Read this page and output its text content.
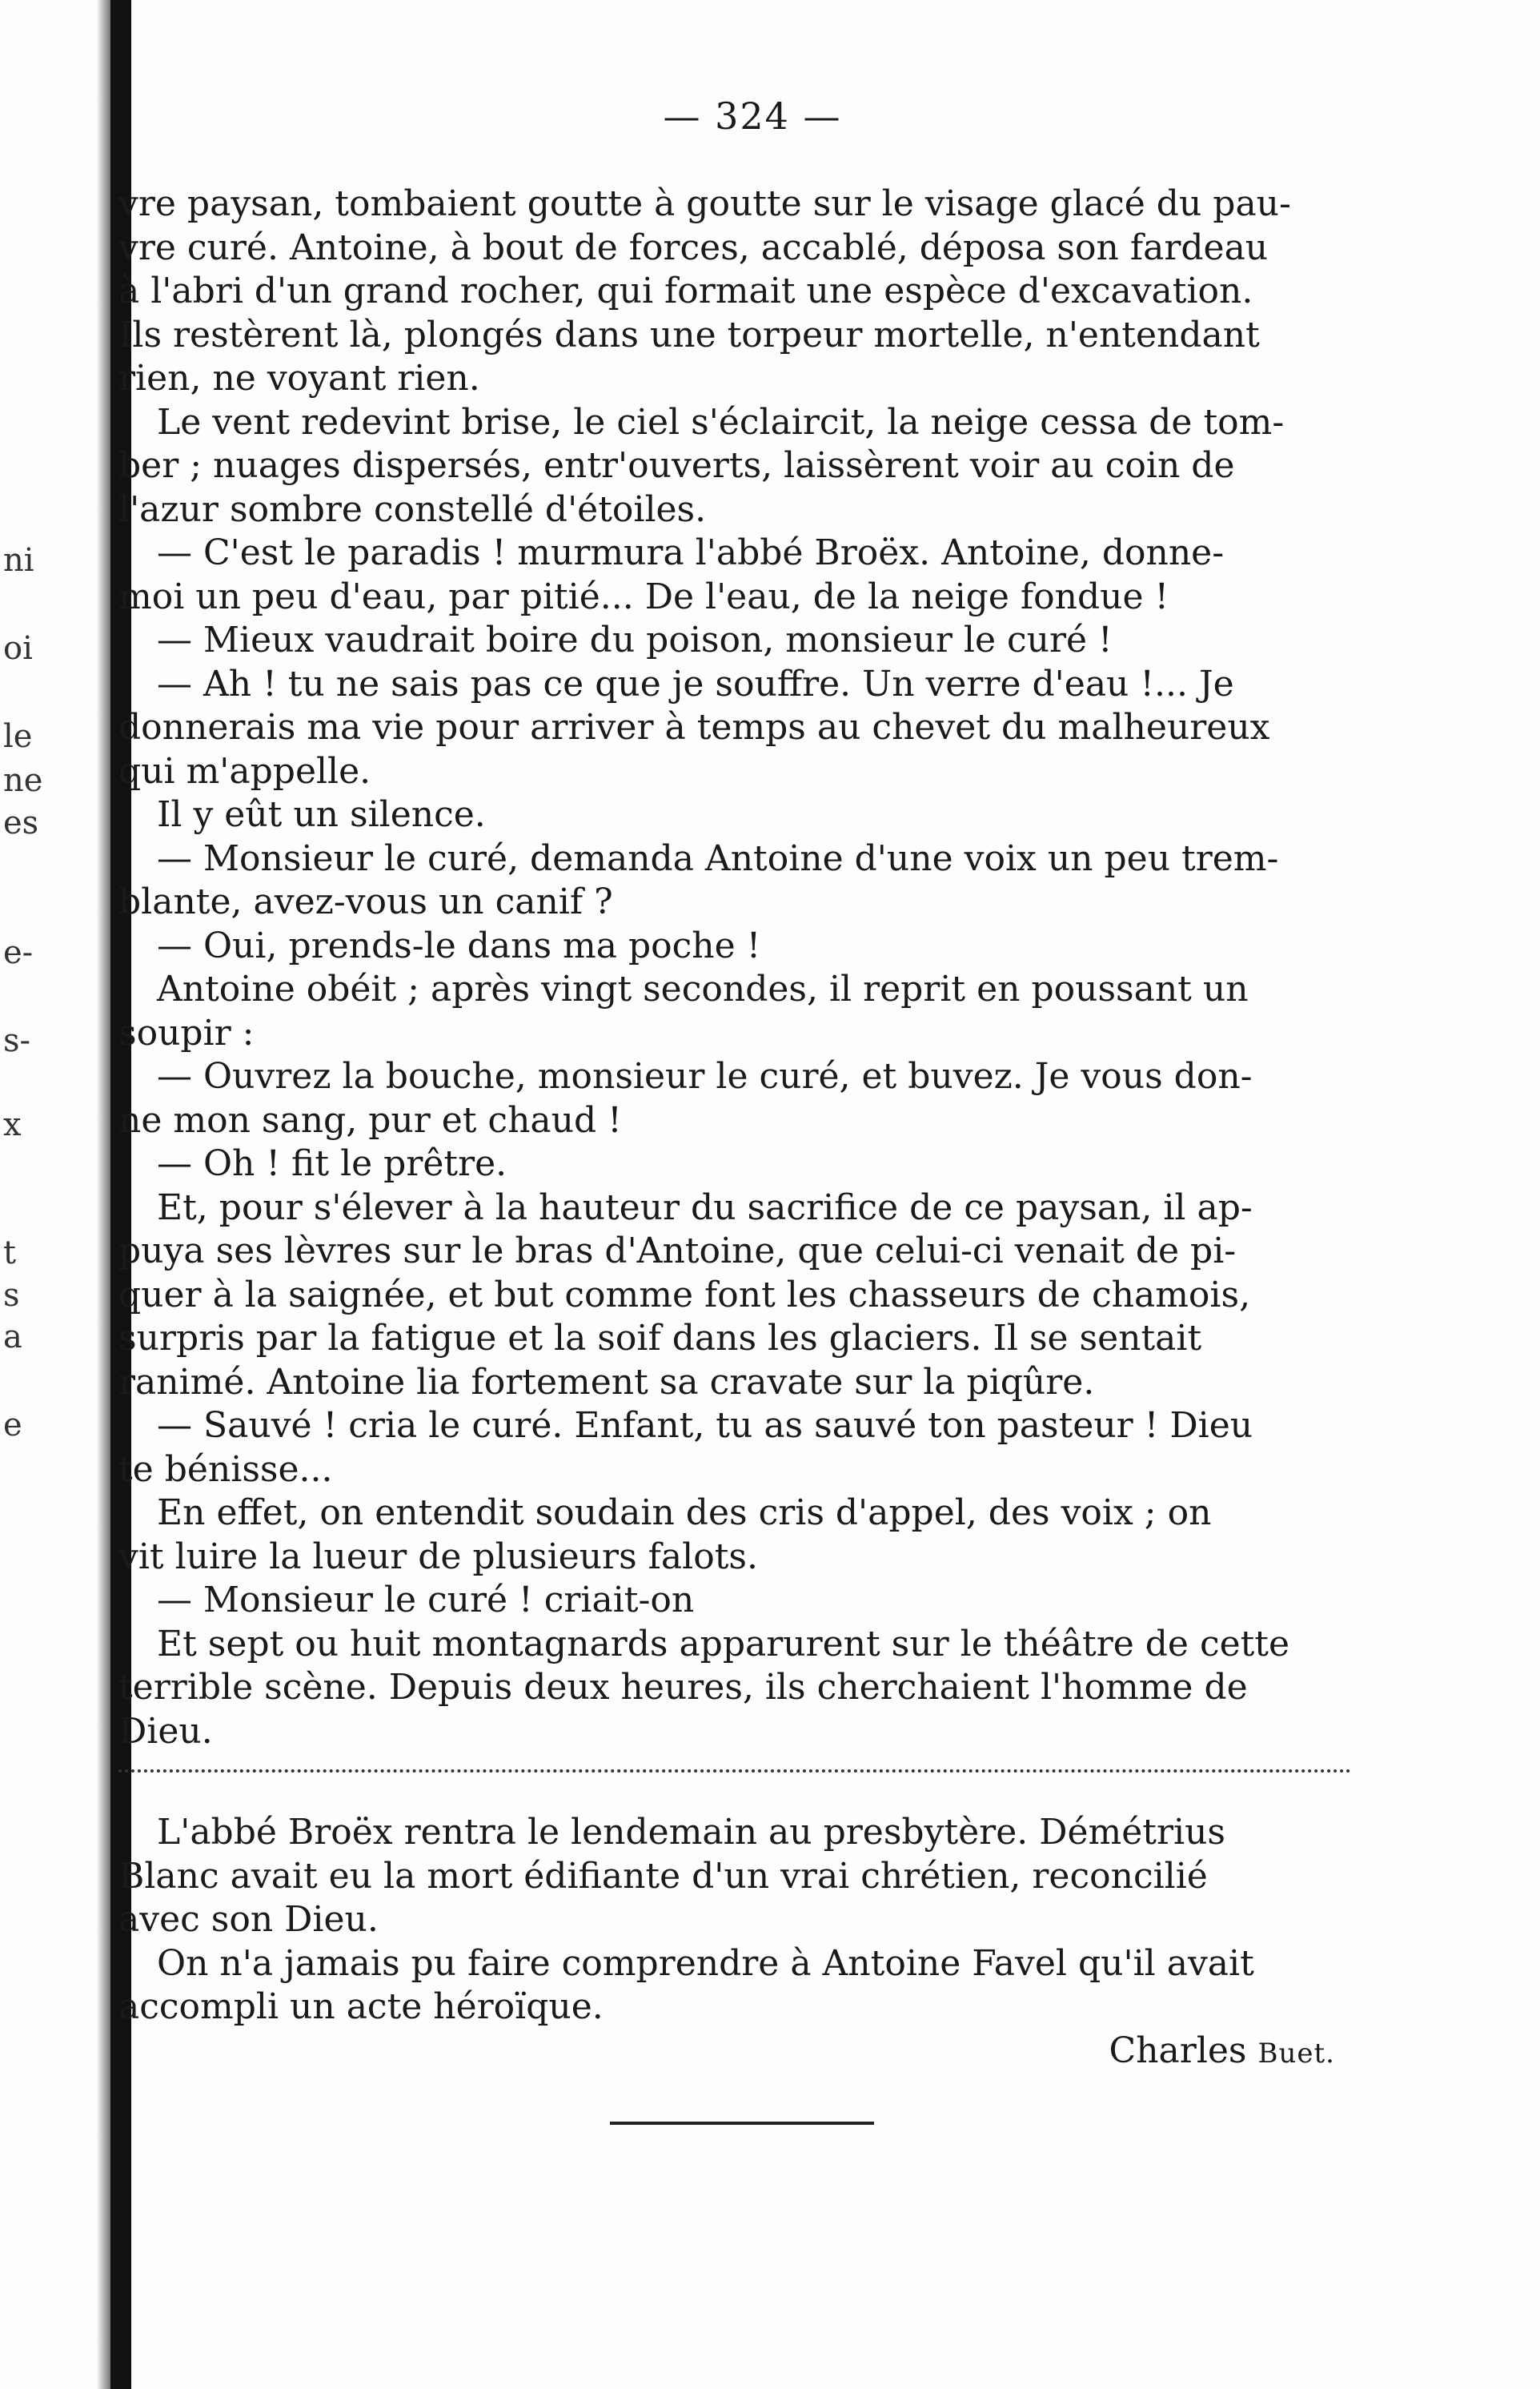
ni
oi
le
ne
es
e-
s-
x
t
s
a
e
— 324 —
vre paysan, tombaient goutte à goutte sur le visage glacé du pau-
vre curé. Antoine, à bout de forces, accablé, déposa son fardeau
à l'abri d'un grand rocher, qui formait une espèce d'excavation.
Ils restèrent là, plongés dans une torpeur mortelle, n'entendant
rien, ne voyant rien.
Le vent redevint brise, le ciel s'éclaircit, la neige cessa de tom-
ber ; nuages dispersés, entr'ouverts, laissèrent voir au coin de
l'azur sombre constellé d'étoiles.
— C'est le paradis ! murmura l'abbé Broëx. Antoine, donne-
moi un peu d'eau, par pitié... De l'eau, de la neige fondue !
— Mieux vaudrait boire du poison, monsieur le curé !
— Ah ! tu ne sais pas ce que je souffre. Un verre d'eau !... Je
donnerais ma vie pour arriver à temps au chevet du malheureux
qui m'appelle.
Il y eût un silence.
— Monsieur le curé, demanda Antoine d'une voix un peu trem-
blante, avez-vous un canif ?
— Oui, prends-le dans ma poche !
Antoine obéit ; après vingt secondes, il reprit en poussant un
soupir :
— Ouvrez la bouche, monsieur le curé, et buvez. Je vous don-
ne mon sang, pur et chaud !
— Oh ! fit le prêtre.
Et, pour s'élever à la hauteur du sacrifice de ce paysan, il ap-
puya ses lèvres sur le bras d'Antoine, que celui-ci venait de pi-
quer à la saignée, et but comme font les chasseurs de chamois,
surpris par la fatigue et la soif dans les glaciers. Il se sentait
ranimé. Antoine lia fortement sa cravate sur la piqûre.
— Sauvé ! cria le curé. Enfant, tu as sauvé ton pasteur ! Dieu
te bénisse...
En effet, on entendit soudain des cris d'appel, des voix ; on
vit luire la lueur de plusieurs falots.
— Monsieur le curé ! criait-on
Et sept ou huit montagnards apparurent sur le théâtre de cette
terrible scène. Depuis deux heures, ils cherchaient l'homme de
Dieu.
L'abbé Broëx rentra le lendemain au presbytère. Démétrius
Blanc avait eu la mort édifiante d'un vrai chrétien, reconcilié
avec son Dieu.
On n'a jamais pu faire comprendre à Antoine Favel qu'il avait
accompli un acte héroïque.
Charles Buet.
